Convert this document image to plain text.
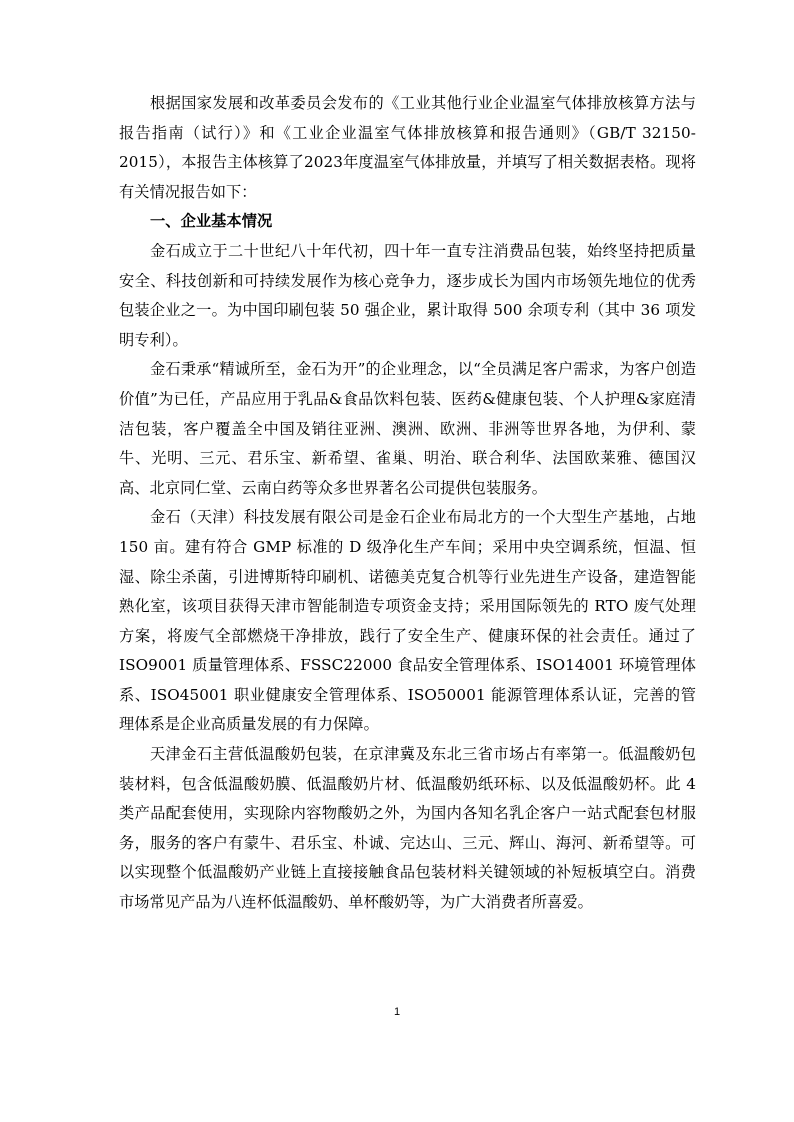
根据国家发展和改革委员会发布的《工业其他行业企业温室气体排放核算方法与报告指南（试行）》和《工业企业温室气体排放核算和报告通则》（GB/T 32150-2015），本报告主体核算了2023年度温室气体排放量，并填写了相关数据表格。现将有关情况报告如下：

一、企业基本情况

金石成立于二十世纪八十年代初，四十年一直专注消费品包装，始终坚持把质量安全、科技创新和可持续发展作为核心竞争力，逐步成长为国内市场领先地位的优秀包装企业之一。为中国印刷包装 50 强企业，累计取得 500 余项专利（其中 36 项发明专利）。

金石秉承“精诚所至，金石为开”的企业理念，以“全员满足客户需求，为客户创造价值”为已任，产品应用于乳品&食品饮料包装、医药&健康包装、个人护理&家庭清洁包装，客户覆盖全中国及销往亚洲、澳洲、欧洲、非洲等世界各地，为伊利、蒙牛、光明、三元、君乐宝、新希望、雀巢、明治、联合利华、法国欧莱雅、德国汉高、北京同仁堂、云南白药等众多世界著名公司提供包装服务。

金石（天津）科技发展有限公司是金石企业布局北方的一个大型生产基地，占地 150 亩。建有符合 GMP 标准的 D 级净化生产车间；采用中央空调系统，恒温、恒湿、除尘杀菌，引进博斯特印刷机、诺德美克复合机等行业先进生产设备，建造智能熟化室，该项目获得天津市智能制造专项资金支持；采用国际领先的 RTO 废气处理方案，将废气全部燃烧干净排放，践行了安全生产、健康环保的社会责任。通过了 ISO9001 质量管理体系、FSSC22000 食品安全管理体系、ISO14001 环境管理体系、ISO45001 职业健康安全管理体系、ISO50001 能源管理体系认证，完善的管理体系是企业高质量发展的有力保障。

天津金石主营低温酸奶包装，在京津冀及东北三省市场占有率第一。低温酸奶包装材料，包含低温酸奶膜、低温酸奶片材、低温酸奶纸环标、以及低温酸奶杯。此 4 类产品配套使用，实现除内容物酸奶之外，为国内各知名乳企客户一站式配套包材服务，服务的客户有蒙牛、君乐宝、朴诚、完达山、三元、辉山、海河、新希望等。可以实现整个低温酸奶产业链上直接接触食品包装材料关键领域的补短板填空白。消费市场常见产品为八连杯低温酸奶、单杯酸奶等，为广大消费者所喜爱。

1
